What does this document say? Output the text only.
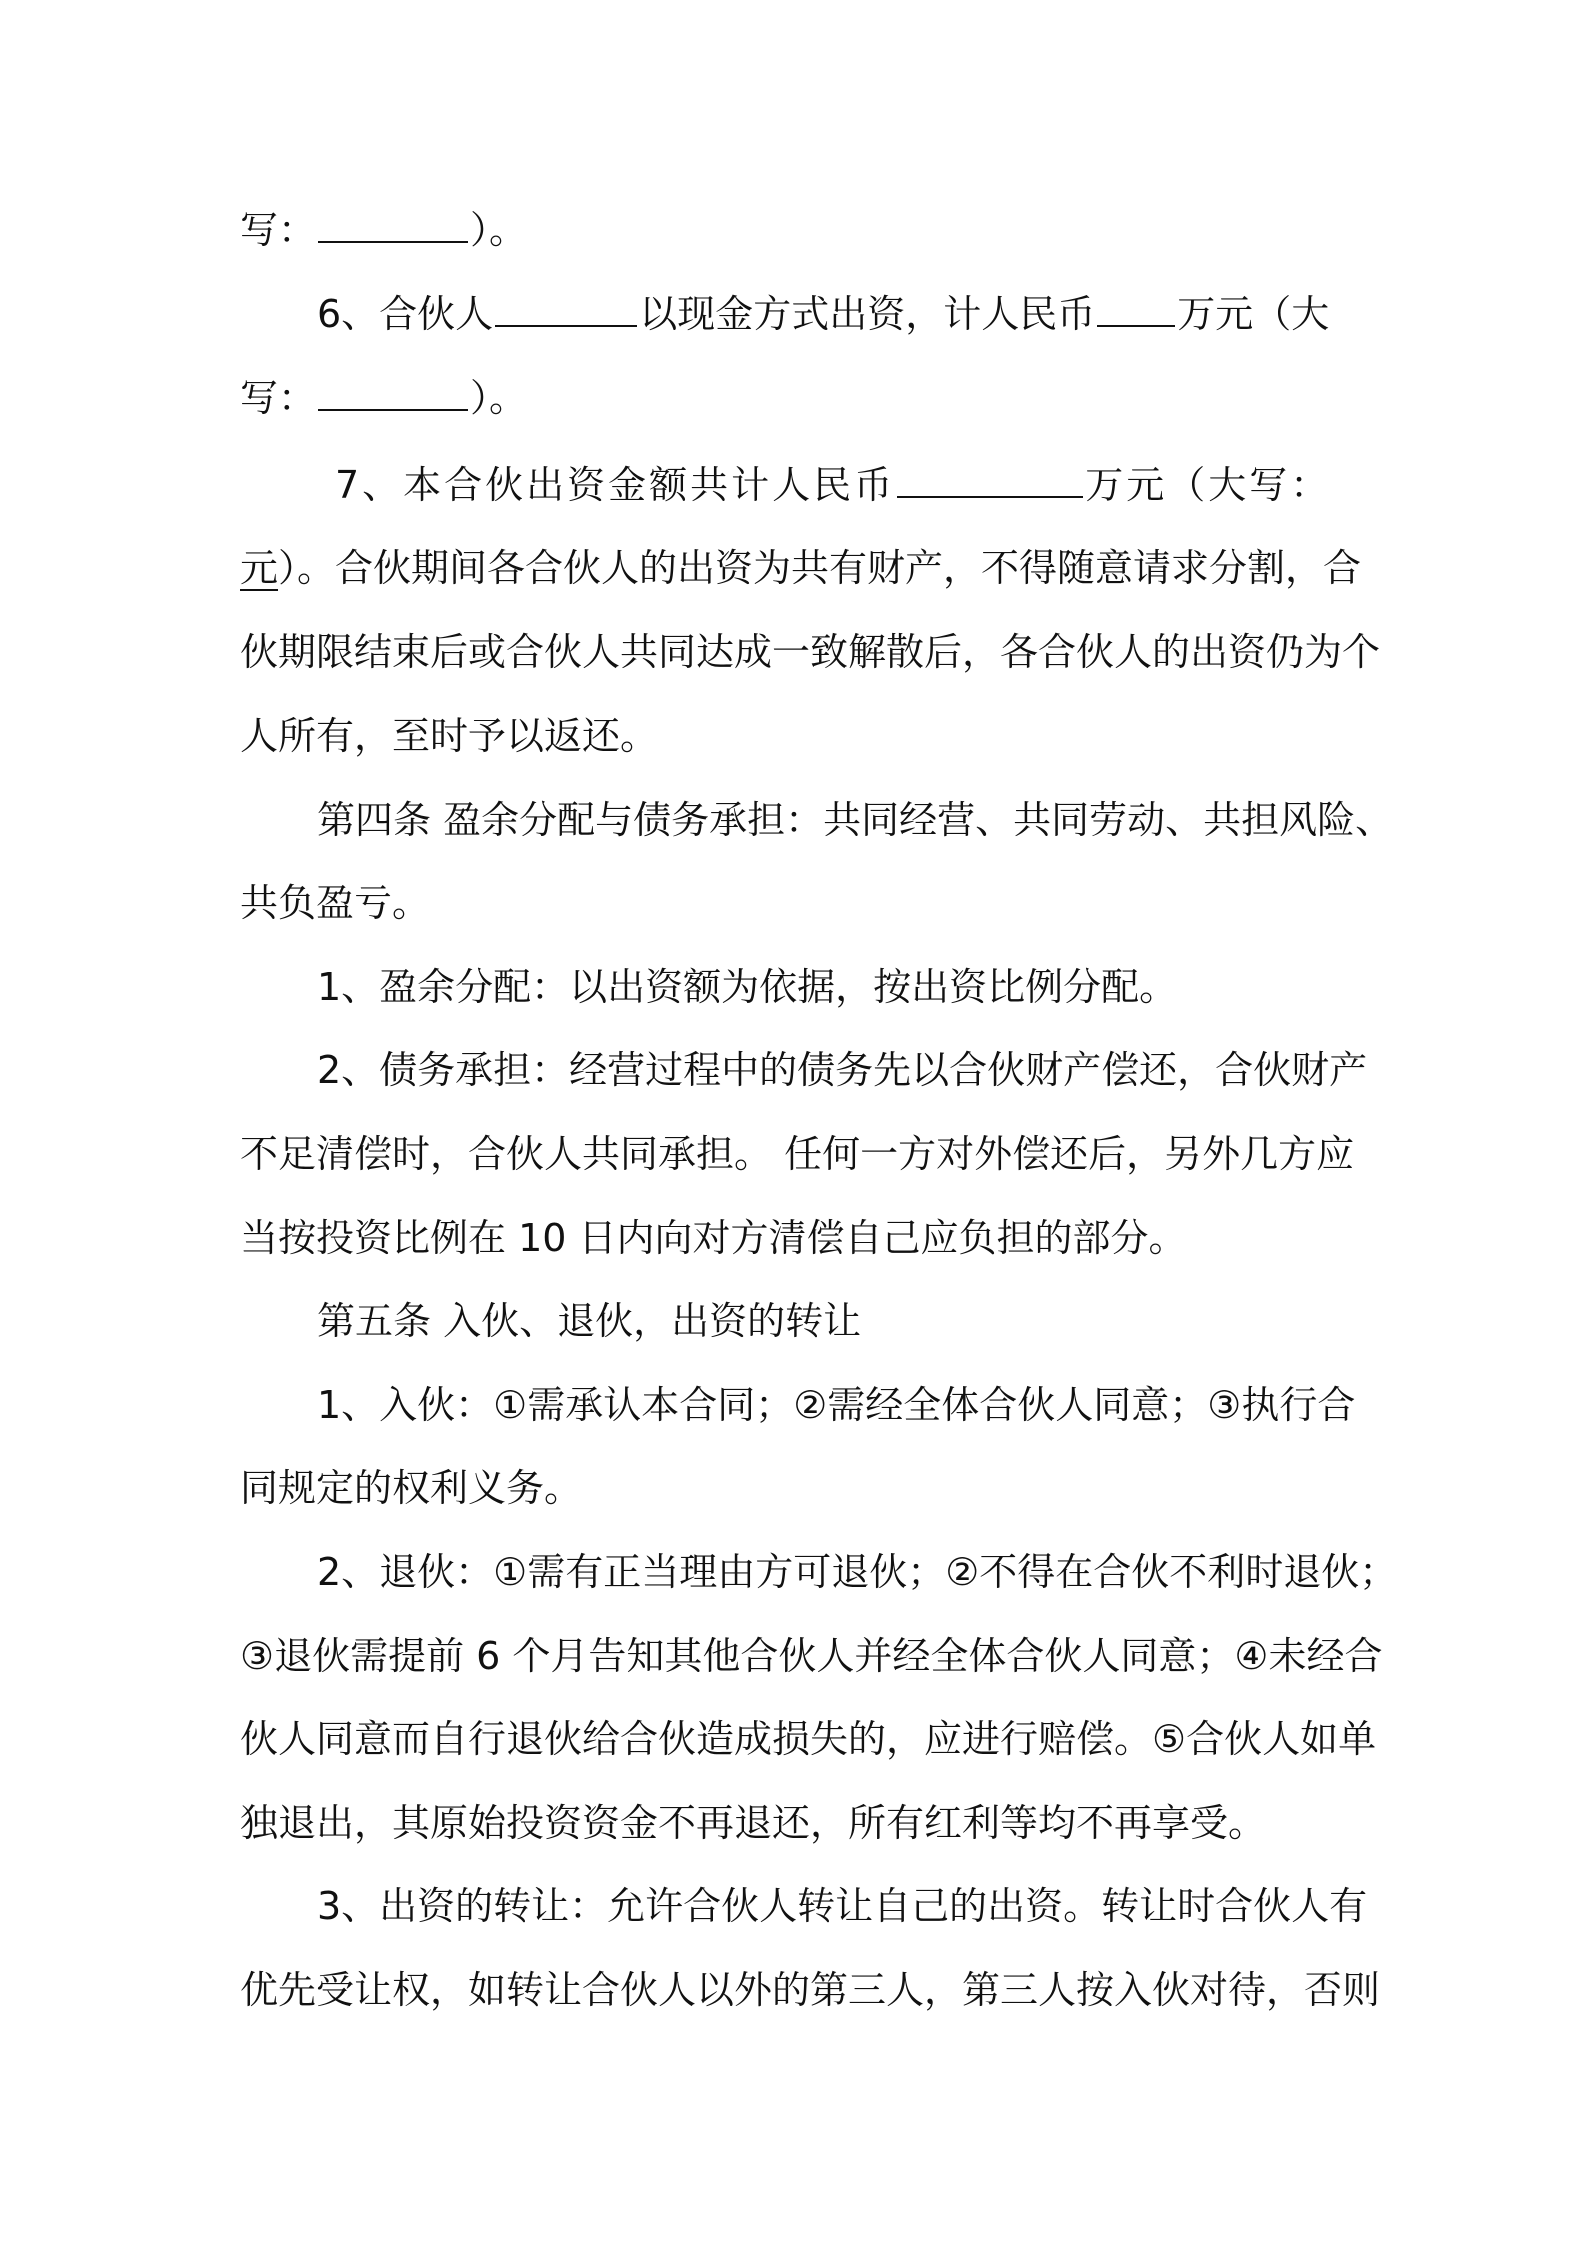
写：	）。
6、合伙人	以现金方式出资，计人民币 万元（大
写：	）。
7、本合伙出资金额共计人民币	万元（大写：
元）。合伙期间各合伙人的出资为共有财产，不得随意请求分割，合
伙期限结束后或合伙人共同达成一致解散后，各合伙人的出资仍为个
人所有，至时予以返还。
第四条 盈余分配与债务承担：共同经营、共同劳动、共担风险、
共负盈亏。
1、盈余分配：以出资额为依据，按出资比例分配。
2、债务承担：经营过程中的债务先以合伙财产偿还，合伙财产
不足清偿时，合伙人共同承担。 任何一方对外偿还后，另外几方应
当按投资比例在 10 日内向对方清偿自己应负担的部分。
第五条 入伙、退伙，出资的转让
1、入伙：①需承认本合同；②需经全体合伙人同意；③执行合
同规定的权利义务。
2、退伙：①需有正当理由方可退伙；②不得在合伙不利时退伙；
③退伙需提前 6 个月告知其他合伙人并经全体合伙人同意；④未经合
伙人同意而自行退伙给合伙造成损失的，应进行赔偿。⑤合伙人如单
独退出，其原始投资资金不再退还，所有红利等均不再享受。
3、出资的转让：允许合伙人转让自己的出资。转让时合伙人有
优先受让权，如转让合伙人以外的第三人，第三人按入伙对待，否则
